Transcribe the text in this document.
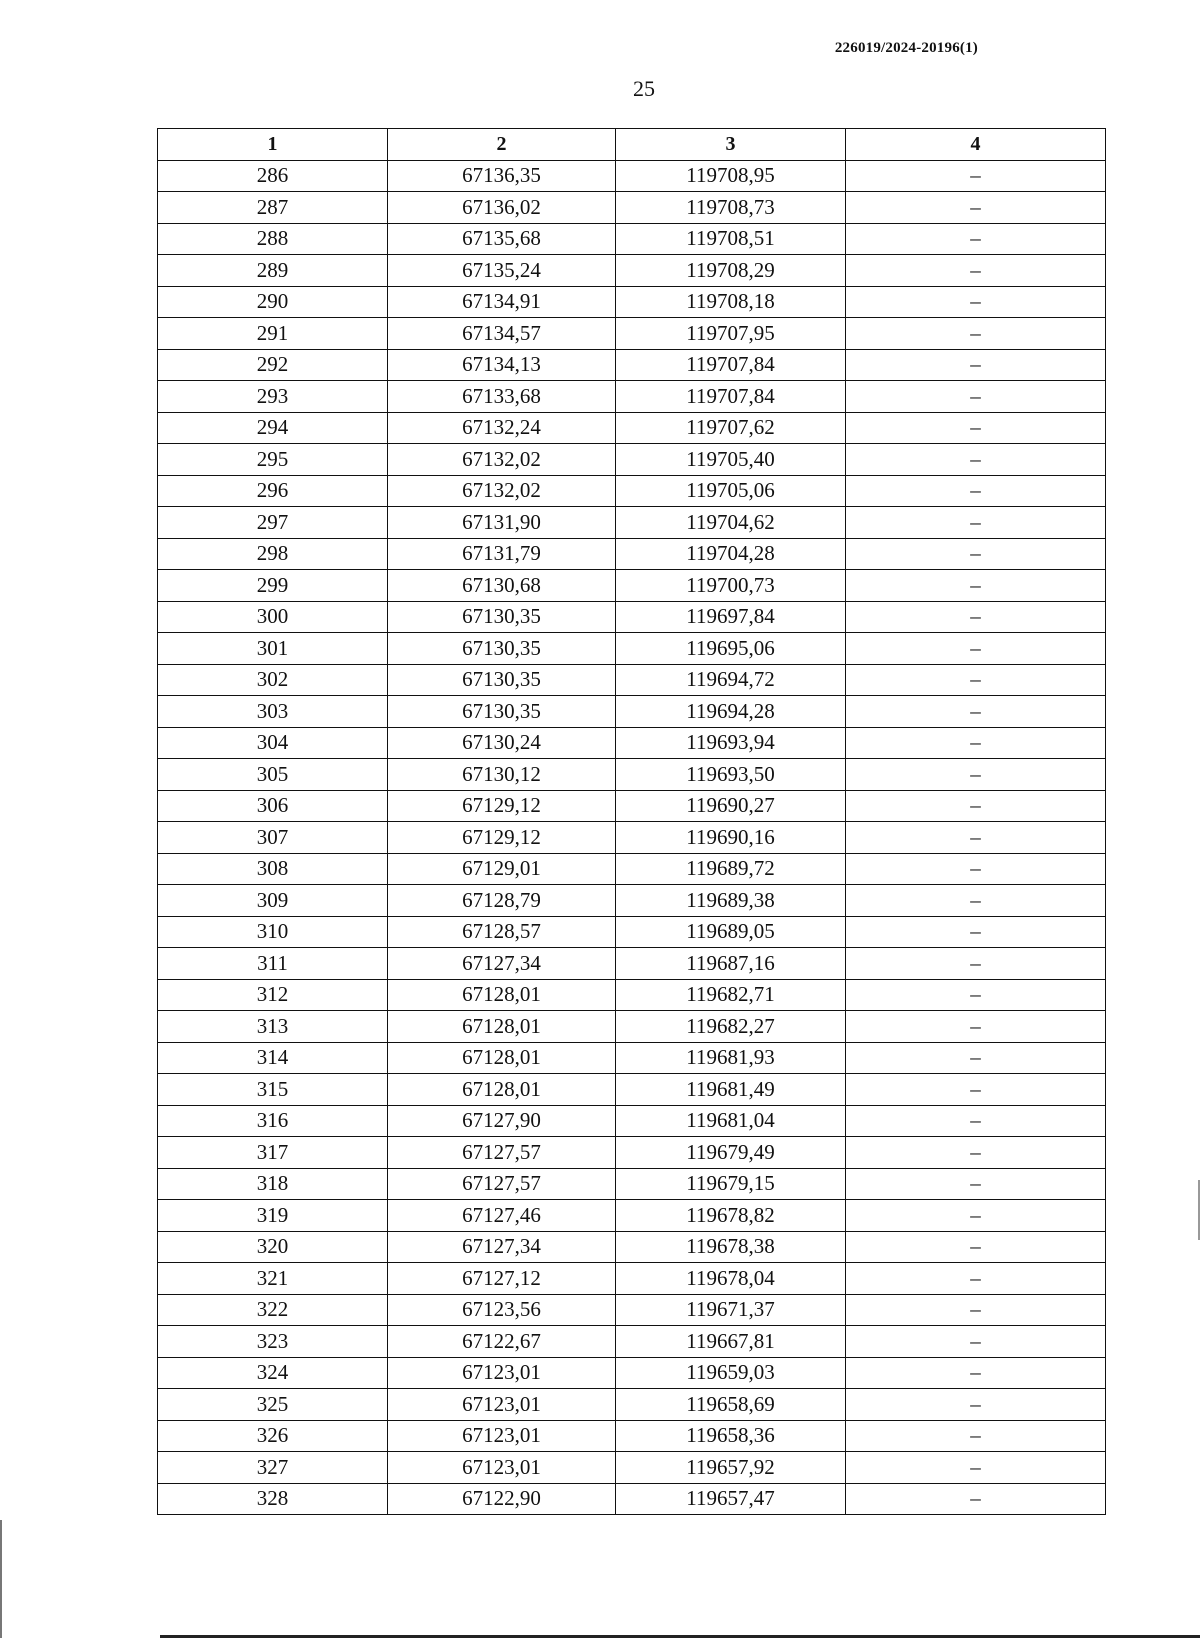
226019/2024-20196(1)
25
1	2	3	4
286	67136,35	119708,95	–
287	67136,02	119708,73	–
288	67135,68	119708,51	–
289	67135,24	119708,29	–
290	67134,91	119708,18	–
291	67134,57	119707,95	–
292	67134,13	119707,84	–
293	67133,68	119707,84	–
294	67132,24	119707,62	–
295	67132,02	119705,40	–
296	67132,02	119705,06	–
297	67131,90	119704,62	–
298	67131,79	119704,28	–
299	67130,68	119700,73	–
300	67130,35	119697,84	–
301	67130,35	119695,06	–
302	67130,35	119694,72	–
303	67130,35	119694,28	–
304	67130,24	119693,94	–
305	67130,12	119693,50	–
306	67129,12	119690,27	–
307	67129,12	119690,16	–
308	67129,01	119689,72	–
309	67128,79	119689,38	–
310	67128,57	119689,05	–
311	67127,34	119687,16	–
312	67128,01	119682,71	–
313	67128,01	119682,27	–
314	67128,01	119681,93	–
315	67128,01	119681,49	–
316	67127,90	119681,04	–
317	67127,57	119679,49	–
318	67127,57	119679,15	–
319	67127,46	119678,82	–
320	67127,34	119678,38	–
321	67127,12	119678,04	–
322	67123,56	119671,37	–
323	67122,67	119667,81	–
324	67123,01	119659,03	–
325	67123,01	119658,69	–
326	67123,01	119658,36	–
327	67123,01	119657,92	–
328	67122,90	119657,47	–
